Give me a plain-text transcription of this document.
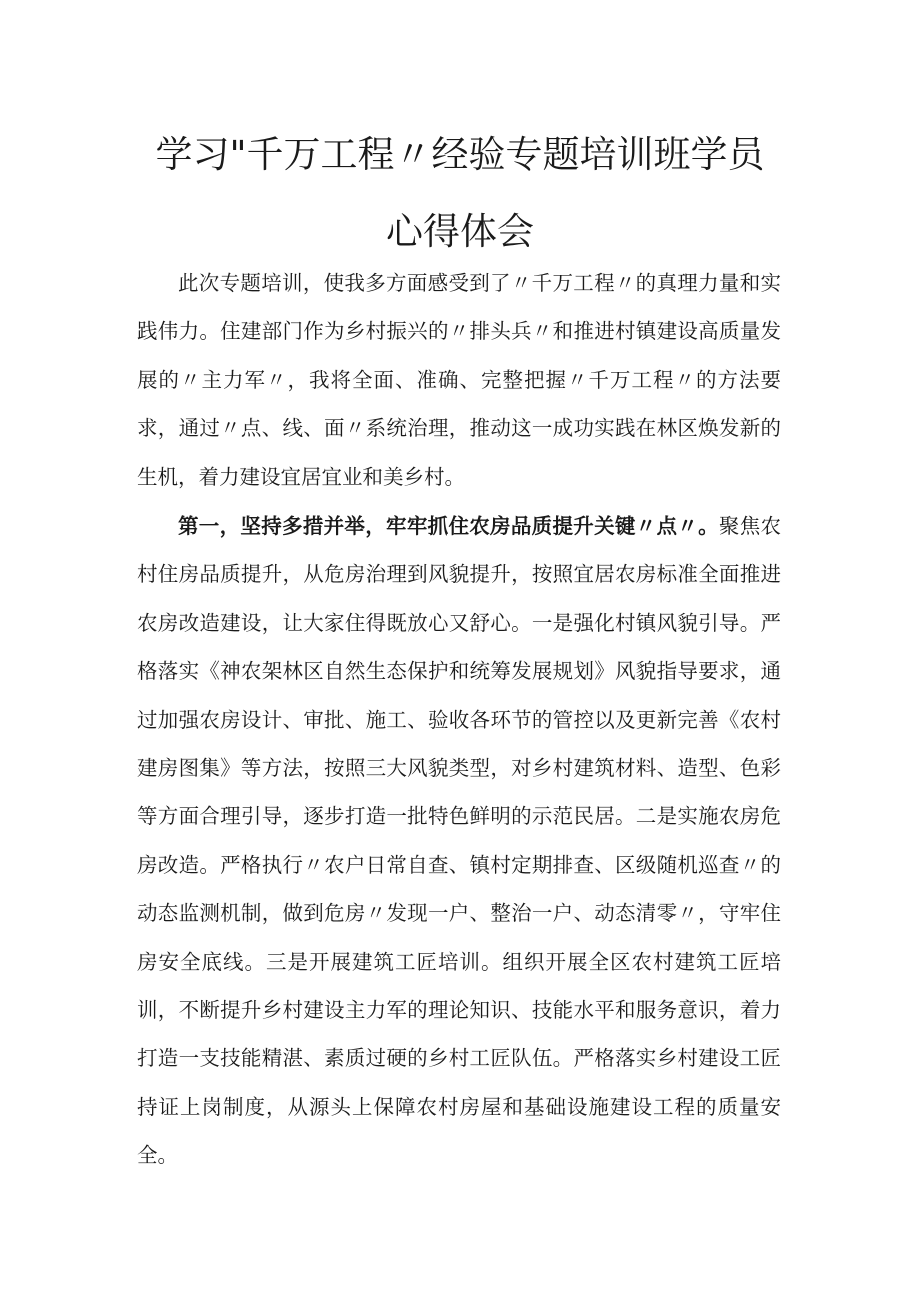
学习"千万工程〃经验专题培训班学员
心得体会

此次专题培训，使我多方面感受到了〃千万工程〃的真理力量和实践伟力。住建部门作为乡村振兴的〃排头兵〃和推进村镇建设高质量发展的〃主力军〃，我将全面、准确、完整把握〃千万工程〃的方法要求，通过〃点、线、面〃系统治理，推动这一成功实践在林区焕发新的生机，着力建设宜居宜业和美乡村。

第一，坚持多措并举，牢牢抓住农房品质提升关键〃点〃。聚焦农村住房品质提升，从危房治理到风貌提升，按照宜居农房标准全面推进农房改造建设，让大家住得既放心又舒心。一是强化村镇风貌引导。严格落实《神农架林区自然生态保护和统筹发展规划》风貌指导要求，通过加强农房设计、审批、施工、验收各环节的管控以及更新完善《农村建房图集》等方法，按照三大风貌类型，对乡村建筑材料、造型、色彩等方面合理引导，逐步打造一批特色鲜明的示范民居。二是实施农房危房改造。严格执行〃农户日常自查、镇村定期排查、区级随机巡查〃的动态监测机制，做到危房〃发现一户、整治一户、动态清零〃，守牢住房安全底线。三是开展建筑工匠培训。组织开展全区农村建筑工匠培训，不断提升乡村建设主力军的理论知识、技能水平和服务意识，着力打造一支技能精湛、素质过硬的乡村工匠队伍。严格落实乡村建设工匠持证上岗制度，从源头上保障农村房屋和基础设施建设工程的质量安全。
